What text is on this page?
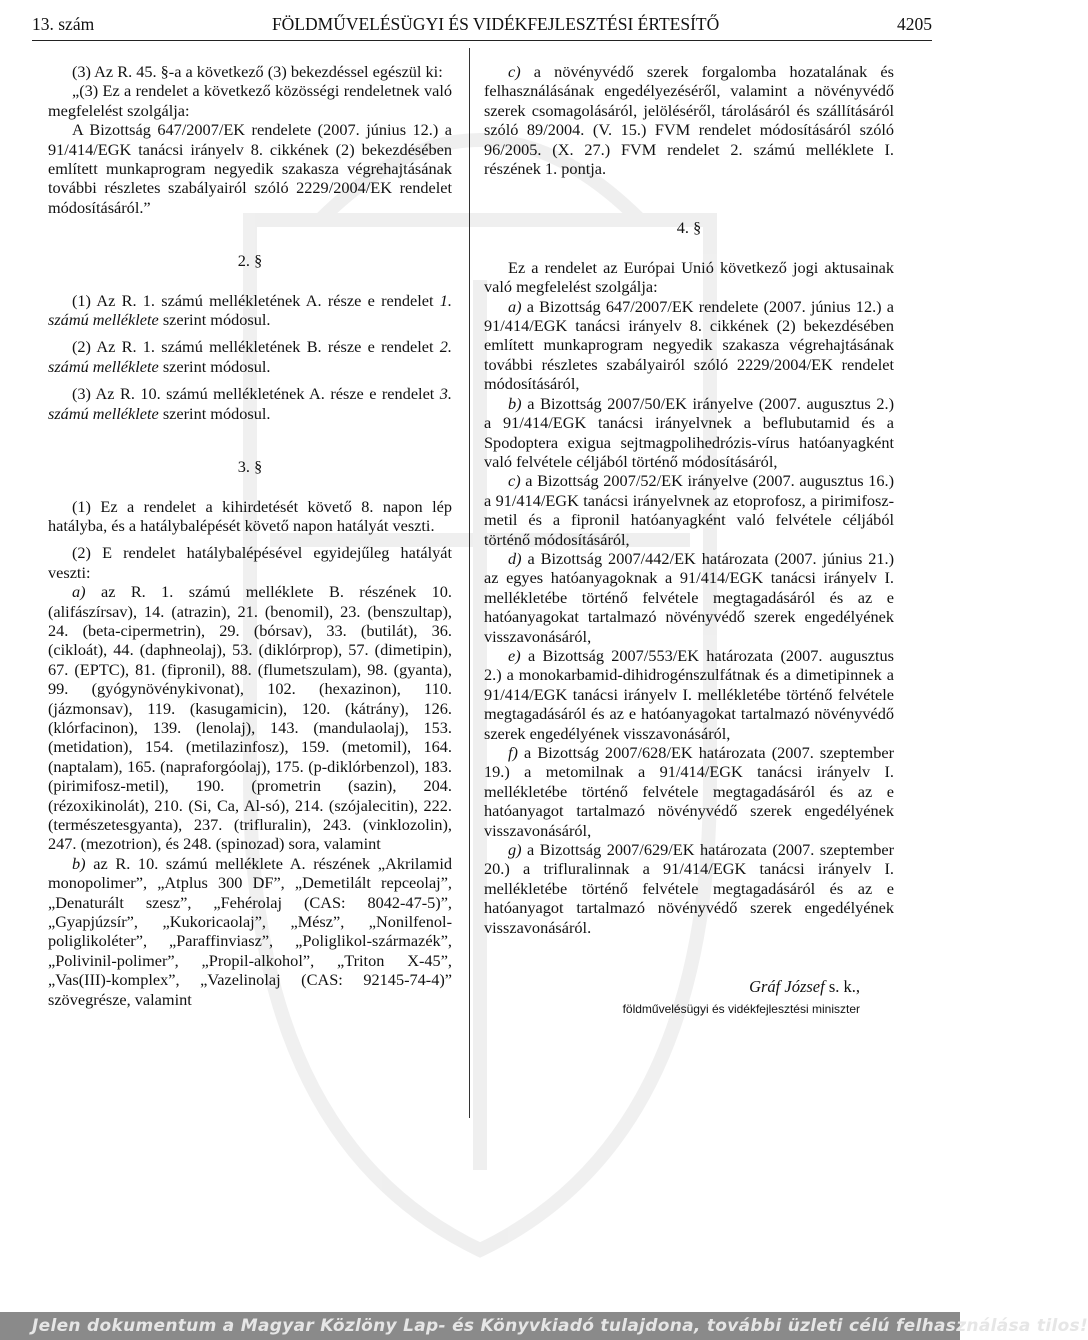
13. szám	FÖLDMŰVELÉSÜGYI ÉS VIDÉKFEJLESZTÉSI ÉRTESÍTŐ	4205

(3) Az R. 45. §-a a következő (3) bekezdéssel egészül ki:

„(3) Ez a rendelet a következő közösségi rendeletnek való megfelelést szolgálja:

A Bizottság 647/2007/EK rendelete (2007. június 12.) a 91/414/EGK tanácsi irányelv 8. cikkének (2) bekezdésében említett munkaprogram negyedik szakasza végrehajtásának további részletes szabályairól szóló 2229/2004/EK rendelet módosításáról.”

2. §

(1) Az R. 1. számú mellékletének A. része e rendelet 1. számú melléklete szerint módosul.

(2) Az R. 1. számú mellékletének B. része e rendelet 2. számú melléklete szerint módosul.

(3) Az R. 10. számú mellékletének A. része e rendelet 3. számú melléklete szerint módosul.

3. §

(1) Ez a rendelet a kihirdetését követő 8. napon lép hatályba, és a hatálybalépését követő napon hatályát veszti.

(2) E rendelet hatálybalépésével egyidejűleg hatályát veszti:

a) az R. 1. számú melléklete B. részének 10. (alifászírsav), 14. (atrazin), 21. (benomil), 23. (benszultap), 24. (beta-cipermetrin), 29. (bórsav), 33. (butilát), 36. (cikloát), 44. (daphneolaj), 53. (diklórprop), 57. (dimetipin), 67. (EPTC), 81. (fipronil), 88. (flumetszulam), 98. (gyanta), 99. (gyógynövénykivonat), 102. (hexazinon), 110. (jázmonsav), 119. (kasugamicin), 120. (kátrány), 126. (klórfacinon), 139. (lenolaj), 143. (mandulaolaj), 153. (metidation), 154. (metilazinfosz), 159. (metomil), 164. (naptalam), 165. (napraforgóolaj), 175. (p-diklórbenzol), 183. (pirimifosz-metil), 190. (prometrin (sazin), 204. (rézoxikinolát), 210. (Si, Ca, Al-só), 214. (szójalecitin), 222. (természetesgyanta), 237. (trifluralin), 243. (vinklozolin), 247. (mezotrion), és 248. (spinozad) sora, valamint

b) az R. 10. számú melléklete A. részének „Akrilamid monopolimer”, „Atplus 300 DF”, „Demetilált repceolaj”, „Denaturált szesz”, „Fehérolaj (CAS: 8042-47-5)”, „Gyapjúzsír”, „Kukoricaolaj”, „Mész”, „Nonilfenol-poliglikoléter”, „Paraffinviasz”, „Poliglikol-származék”, „Polivinil-polimer”, „Propil-alkohol”, „Triton X-45”, „Vas(III)-komplex”, „Vazelinolaj (CAS: 92145-74-4)” szövegrésze, valamint

c) a növényvédő szerek forgalomba hozatalának és felhasználásának engedélyezéséről, valamint a növényvédő szerek csomagolásáról, jelöléséről, tárolásáról és szállításáról szóló 89/2004. (V. 15.) FVM rendelet módosításáról szóló 96/2005. (X. 27.) FVM rendelet 2. számú melléklete I. részének 1. pontja.

4. §

Ez a rendelet az Európai Unió következő jogi aktusainak való megfelelést szolgálja:

a) a Bizottság 647/2007/EK rendelete (2007. június 12.) a 91/414/EGK tanácsi irányelv 8. cikkének (2) bekezdésében említett munkaprogram negyedik szakasza végrehajtásának további részletes szabályairól szóló 2229/2004/EK rendelet módosításáról,

b) a Bizottság 2007/50/EK irányelve (2007. augusztus 2.) a 91/414/EGK tanácsi irányelvnek a beflubutamid és a Spodoptera exigua sejtmagpolihedrózis-vírus hatóanyagként való felvétele céljából történő módosításáról,

c) a Bizottság 2007/52/EK irányelve (2007. augusztus 16.) a 91/414/EGK tanácsi irányelvnek az etoprofosz, a pirimifosz-metil és a fipronil hatóanyagként való felvétele céljából történő módosításáról,

d) a Bizottság 2007/442/EK határozata (2007. június 21.) az egyes hatóanyagoknak a 91/414/EGK tanácsi irányelv I. mellékletébe történő felvétele megtagadásáról és az e hatóanyagokat tartalmazó növényvédő szerek engedélyének visszavonásáról,

e) a Bizottság 2007/553/EK határozata (2007. augusztus 2.) a monokarbamid-dihidrogénszulfátnak és a dimetipinnek a 91/414/EGK tanácsi irányelv I. mellékletébe történő felvétele megtagadásáról és az e hatóanyagokat tartalmazó növényvédő szerek engedélyének visszavonásáról,

f) a Bizottság 2007/628/EK határozata (2007. szeptember 19.) a metomilnak a 91/414/EGK tanácsi irányelv I. mellékletébe történő felvétele megtagadásáról és az e hatóanyagot tartalmazó növényvédő szerek engedélyének visszavonásáról,

g) a Bizottság 2007/629/EK határozata (2007. szeptember 20.) a trifluralinnak a 91/414/EGK tanácsi irányelv I. mellékletébe történő felvétele megtagadásáról és az e hatóanyagot tartalmazó növényvédő szerek engedélyének visszavonásáról.

Gráf József s. k.,
földművelésügyi és vidékfejlesztési miniszter
Jelen dokumentum a Magyar Közlöny Lap- és Könyvkiadó tulajdona, további üzleti célú felhasználása tilos!
